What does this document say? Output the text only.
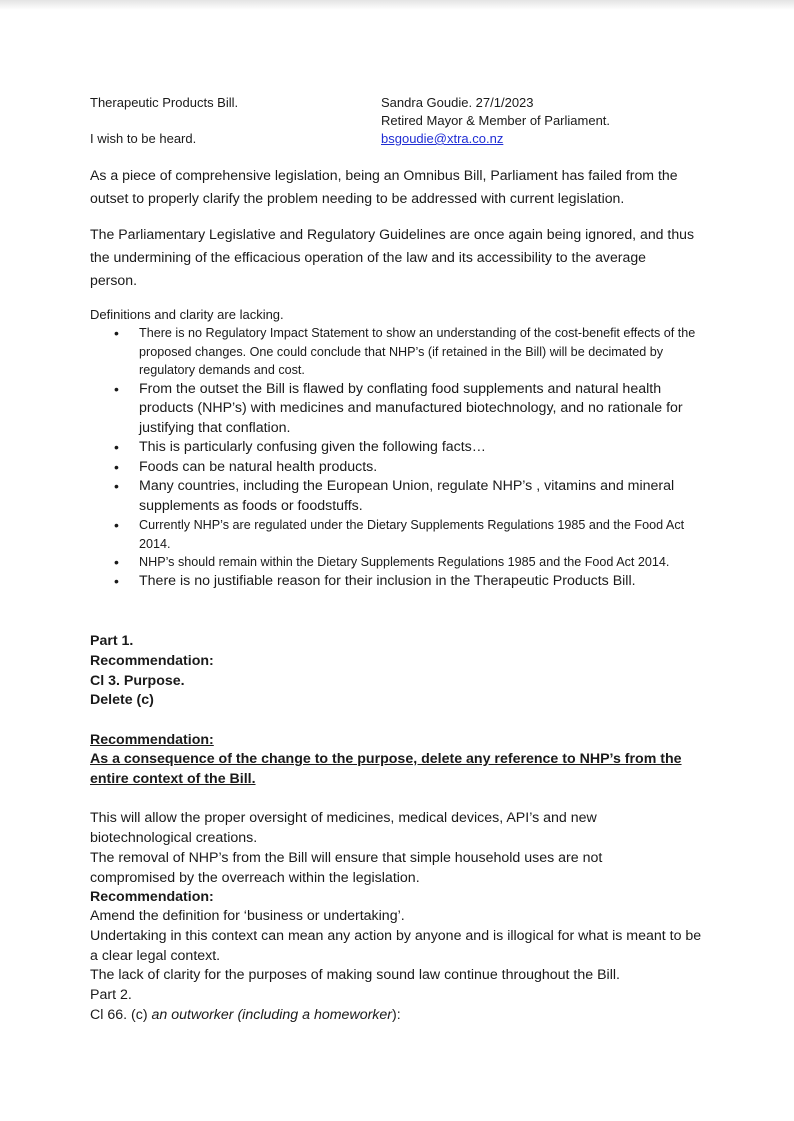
Therapeutic Products Bill.	Sandra Goudie. 27/1/2023
Retired Mayor & Member of Parliament.
bsgoudie@xtra.co.nz
I wish to be heard.
As a piece of comprehensive legislation, being an Omnibus Bill, Parliament has failed from the outset to properly clarify the problem needing to be addressed with current legislation.
The Parliamentary Legislative and Regulatory Guidelines are once again being ignored, and thus the undermining of the efficacious operation of the law and its accessibility to the average person.
Definitions and clarity are lacking.
• There is no Regulatory Impact Statement to show an understanding of the cost-benefit effects of the proposed changes. One could conclude that NHP’s (if retained in the Bill) will be decimated by regulatory demands and cost.
• From the outset the Bill is flawed by conflating food supplements and natural health products (NHP’s) with medicines and manufactured biotechnology, and no rationale for justifying that conflation.
• This is particularly confusing given the following facts…
• Foods can be natural health products.
• Many countries, including the European Union, regulate NHP’s , vitamins and mineral supplements as foods or foodstuffs.
• Currently NHP’s are regulated under the Dietary Supplements Regulations 1985 and the Food Act 2014.
• NHP’s should remain within the Dietary Supplements Regulations 1985 and the Food Act 2014.
• There is no justifiable reason for their inclusion in the Therapeutic Products Bill.
Part 1.
Recommendation:
Cl 3. Purpose.
Delete (c)
Recommendation:
As a consequence of the change to the purpose, delete any reference to NHP’s from the entire context of the Bill.
This will allow the proper oversight of medicines, medical devices, API’s and new biotechnological creations.
The removal of NHP’s from the Bill will ensure that simple household uses are not compromised by the overreach within the legislation.
Recommendation:
Amend the definition for ‘business or undertaking’.
Undertaking in this context can mean any action by anyone and is illogical for what is meant to be a clear legal context.
The lack of clarity for the purposes of making sound law continue throughout the Bill.
Part 2.
Cl 66. (c) an outworker (including a homeworker):
